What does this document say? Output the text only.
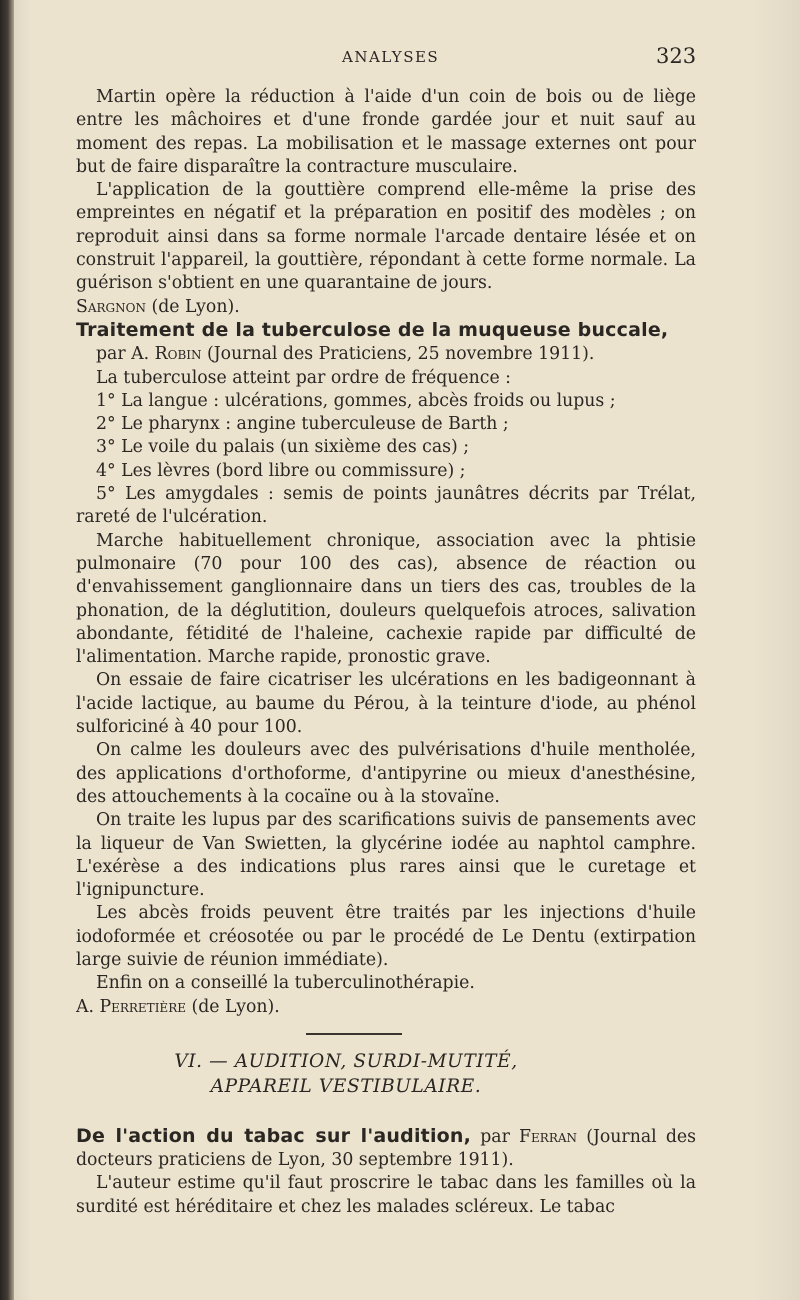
ANALYSES	323

Martin opère la réduction à l'aide d'un coin de bois ou de liège entre les mâchoires et d'une fronde gardée jour et nuit sauf au moment des repas. La mobilisation et le massage externes ont pour but de faire disparaître la contracture musculaire.

L'application de la gouttière comprend elle-même la prise des empreintes en négatif et la préparation en positif des modèles ; on reproduit ainsi dans sa forme normale l'arcade dentaire lésée et on construit l'appareil, la gouttière, répondant à cette forme normale. La guérison s'obtient en une quarantaine de jours.

Sargnon (de Lyon).

Traitement de la tuberculose de la muqueuse buccale,

par A. Robin (Journal des Praticiens, 25 novembre 1911).

La tuberculose atteint par ordre de fréquence :

1° La langue : ulcérations, gommes, abcès froids ou lupus ;

2° Le pharynx : angine tuberculeuse de Barth ;

3° Le voile du palais (un sixième des cas) ;

4° Les lèvres (bord libre ou commissure) ;

5° Les amygdales : semis de points jaunâtres décrits par Trélat, rareté de l'ulcération.

Marche habituellement chronique, association avec la phtisie pulmonaire (70 pour 100 des cas), absence de réaction ou d'envahissement ganglionnaire dans un tiers des cas, troubles de la phonation, de la déglutition, douleurs quelquefois atroces, salivation abondante, fétidité de l'haleine, cachexie rapide par difficulté de l'alimentation. Marche rapide, pronostic grave.

On essaie de faire cicatriser les ulcérations en les badigeonnant à l'acide lactique, au baume du Pérou, à la teinture d'iode, au phénol sulforiciné à 40 pour 100.

On calme les douleurs avec des pulvérisations d'huile mentholée, des applications d'orthoforme, d'antipyrine ou mieux d'anesthésine, des attouchements à la cocaïne ou à la stovaïne.

On traite les lupus par des scarifications suivis de pansements avec la liqueur de Van Swietten, la glycérine iodée au naphtol camphre. L'exérèse a des indications plus rares ainsi que le curetage et l'ignipuncture.

Les abcès froids peuvent être traités par les injections d'huile iodoformée et créosotée ou par le procédé de Le Dentu (extirpation large suivie de réunion immédiate).

Enfin on a conseillé la tuberculinothérapie.

A. Perretière (de Lyon).

VI. — AUDITION, SURDI-MUTITÉ,
APPAREIL VESTIBULAIRE.

De l'action du tabac sur l'audition, par Ferran (Journal des docteurs praticiens de Lyon, 30 septembre 1911).

L'auteur estime qu'il faut proscrire le tabac dans les familles où la surdité est héréditaire et chez les malades scléreux. Le tabac
